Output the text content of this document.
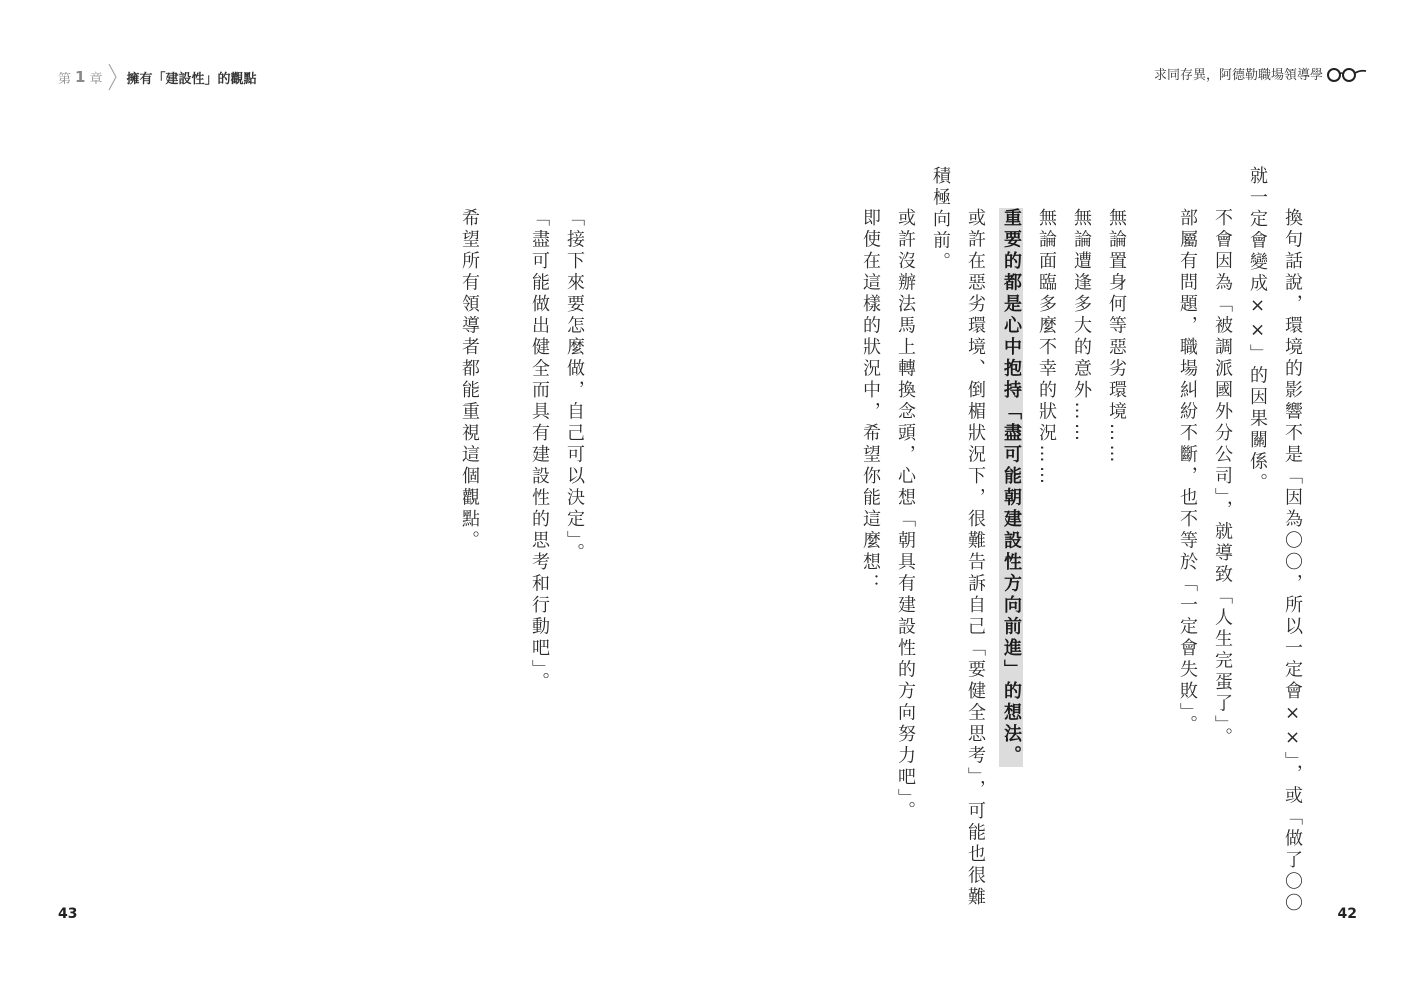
第 1 章 擁有「建設性」的觀點	求同存異，阿德勒職場領導學
換句話說，環境的影響不是「因為〇〇，所以一定會××」，或「做了〇〇
就一定會變成××」的因果關係。
不會因為「被調派國外分公司」，就導致「人生完蛋了」。
部屬有問題，職場糾紛不斷，也不等於「一定會失敗」。
無論置身何等惡劣環境……
無論遭逢多大的意外……
無論面臨多麼不幸的狀況……
重要的都是心中抱持「盡可能朝建設性方向前進」的想法。
或許在惡劣環境、倒楣狀況下，很難告訴自己「要健全思考」，可能也很難
積極向前。
或許沒辦法馬上轉換念頭，心想「朝具有建設性的方向努力吧」。
即使在這樣的狀況中，希望你能這麼想：
「接下來要怎麼做，自己可以決定」。
「盡可能做出健全而具有建設性的思考和行動吧」。
希望所有領導者都能重視這個觀點。
43	42
